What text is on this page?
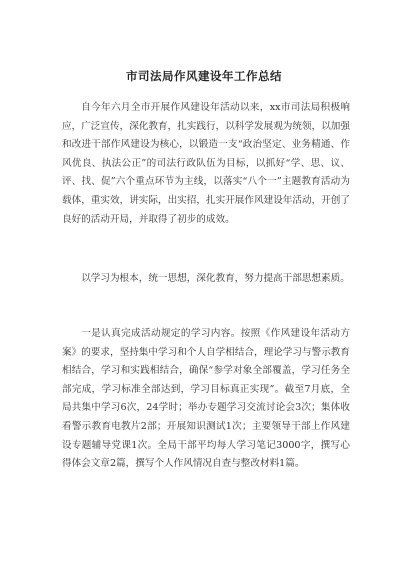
市司法局作风建设年工作总结

自今年六月全市开展作风建设年活动以来，xx市司法局积极响应，广泛宣传，深化教育，扎实践行，以科学发展观为统领，以加强和改进干部作风建设为核心，以锻造一支“政治坚定、业务精通、作风优良、执法公正”的司法行政队伍为目标，以抓好“学、思、议、评、找、促”六个重点环节为主线，以落实“八个一”主题教育活动为载体，重实效，讲实际，出实招，扎实开展作风建设年活动，开创了良好的活动开局，并取得了初步的成效。

以学习为根本，统一思想，深化教育，努力提高干部思想素质。

一是认真完成活动规定的学习内容。按照《作风建设年活动方案》的要求，坚持集中学习和个人自学相结合，理论学习与警示教育相结合，学习和实践相结合，确保“参学对象全部覆盖，学习任务全部完成，学习标准全部达到，学习目标真正实现”。截至7月底，全局共集中学习6次，24学时；举办专题学习交流讨论会3次；集体收看警示教育电教片2部；开展知识测试1次；主要领导干部上作风建设专题辅导党课1次。全局干部平均每人学习笔记3000字，撰写心得体会文章2篇，撰写个人作风情况自查与整改材料1篇。
